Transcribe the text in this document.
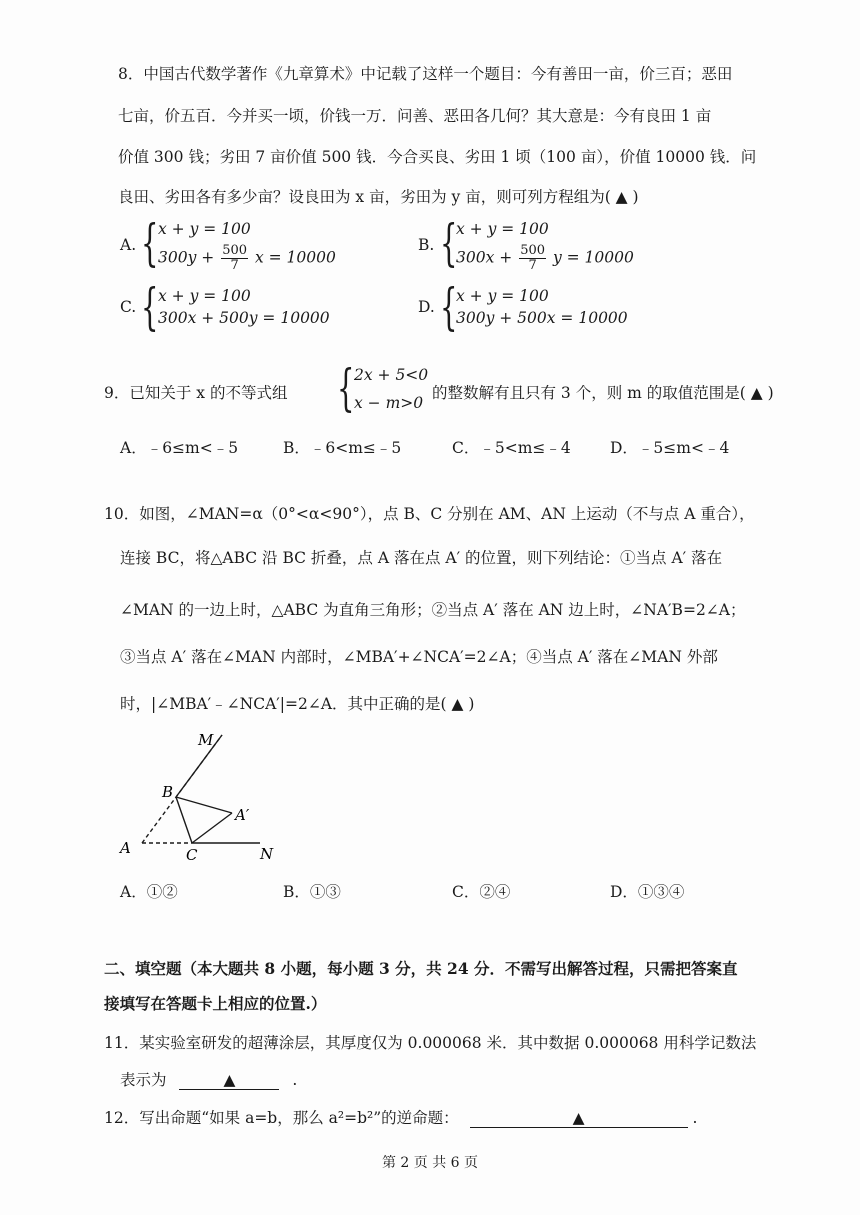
8．中国古代数学著作《九章算术》中记载了这样一个题目：今有善田一亩，价三百；恶田
七亩，价五百．今并买一顷，价钱一万．问善、恶田各几何？其大意是：今有良田 1 亩
价值 300 钱；劣田 7 亩价值 500 钱．今合买良、劣田 1 顷（100 亩），价值 10000 钱．问
良田、劣田各有多少亩？设良田为 x 亩，劣田为 y 亩，则可列方程组为( ▲ )
A. { x + y = 100
$300y + \frac{500}{7}$ x = 10000
B. {
x + y = 100
$300x + \frac{500}{7}$ y = 10000
C. { x + y = 100
300x + 500y = 10000
D. {
x + y = 100
300y + 500x = 10000
9．已知关于 x 的不等式组 { 2x + 5<0
x − m>0
的整数解有且只有 3 个，则 m 的取值范围是( ▲ )
A．﹣6≤m<﹣5	B．﹣6<m≤﹣5	C．﹣5<m≤﹣4	D．﹣5≤m<﹣4
10．如图，∠MAN=α（0°<α<90°），点 B、C 分别在 AM、AN 上运动（不与点 A 重合），
连接 BC，将△ABC 沿 BC 折叠，点 A 落在点 A′ 的位置，则下列结论：①当点 A′ 落在
∠MAN 的一边上时，△ABC 为直角三角形；②当点 A′ 落在 AN 边上时，∠NA′B=2∠A；
③当点 A′ 落在∠MAN 内部时，∠MBA′+∠NCA′=2∠A；④当点 A′ 落在∠MAN 外部
时，|∠MBA′﹣∠NCA′|=2∠A．其中正确的是( ▲ )
M
B
A′
A	C	N
A．①②	B．①③	C．②④	D．①③④
二、填空题（本大题共 8 小题，每小题 3 分，共 24 分．不需写出解答过程，只需把答案直
接填写在答题卡上相应的位置.）
11．某实验室研发的超薄涂层，其厚度仅为 0.000068 米．其中数据 0.000068 用科学记数法
表示为	▲	.
12．写出命题“如果 a=b，那么 a²=b²”的逆命题：	▲	.
第 2 页 共 6 页
